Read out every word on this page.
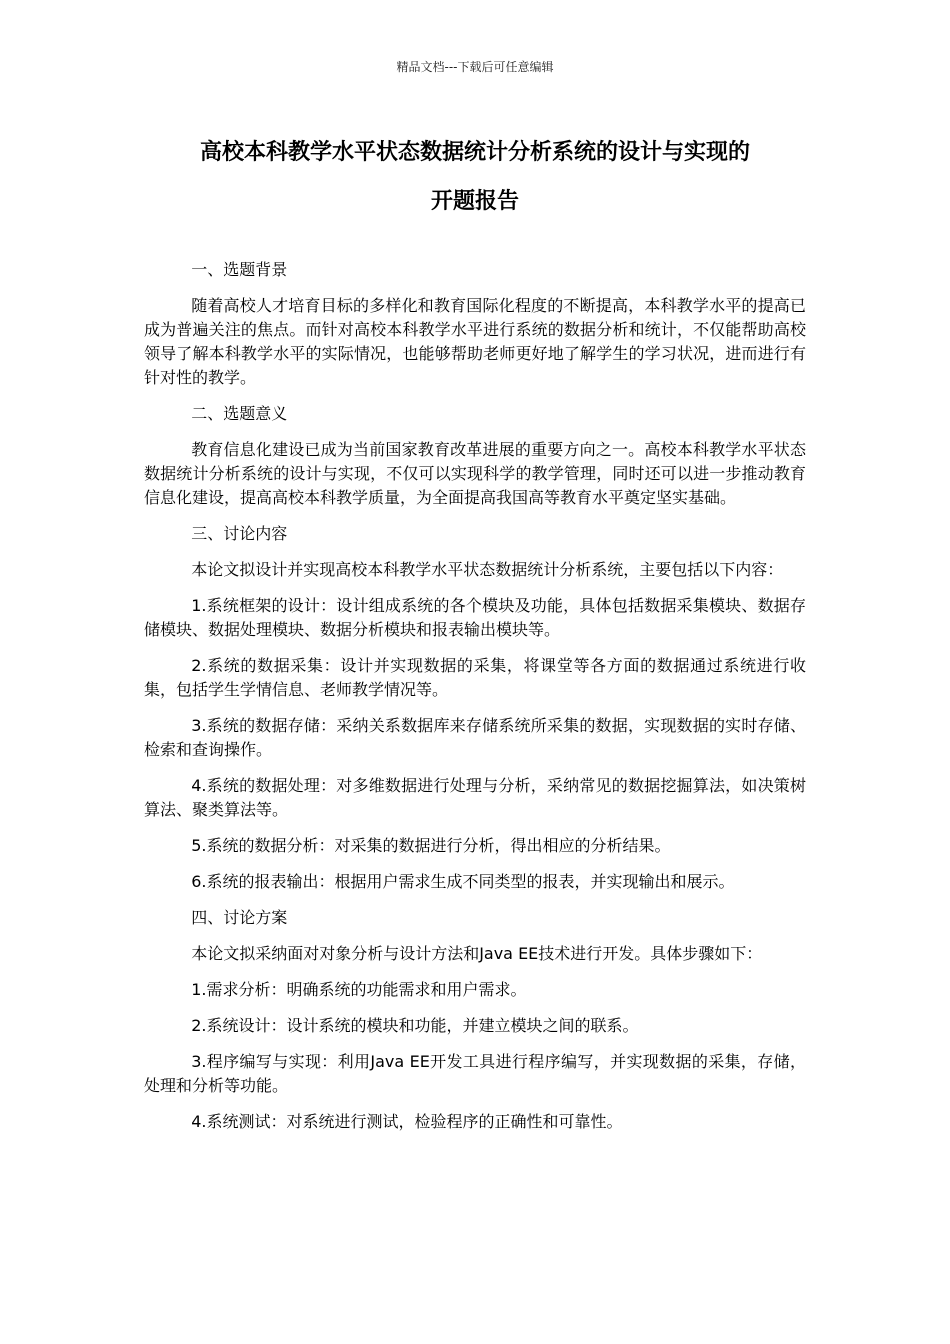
精品文档---下载后可任意编辑
高校本科教学水平状态数据统计分析系统的设计与实现的
开题报告

一、选题背景

随着高校人才培育目标的多样化和教育国际化程度的不断提高，本科教学水平的提高已成为普遍关注的焦点。而针对高校本科教学水平进行系统的数据分析和统计，不仅能帮助高校领导了解本科教学水平的实际情况，也能够帮助老师更好地了解学生的学习状况，进而进行有针对性的教学。

二、选题意义

教育信息化建设已成为当前国家教育改革进展的重要方向之一。高校本科教学水平状态数据统计分析系统的设计与实现，不仅可以实现科学的教学管理，同时还可以进一步推动教育信息化建设，提高高校本科教学质量，为全面提高我国高等教育水平奠定坚实基础。

三、讨论内容

本论文拟设计并实现高校本科教学水平状态数据统计分析系统，主要包括以下内容：

1.系统框架的设计：设计组成系统的各个模块及功能，具体包括数据采集模块、数据存储模块、数据处理模块、数据分析模块和报表输出模块等。

2.系统的数据采集：设计并实现数据的采集，将课堂等各方面的数据通过系统进行收集，包括学生学情信息、老师教学情况等。

3.系统的数据存储：采纳关系数据库来存储系统所采集的数据，实现数据的实时存储、检索和查询操作。

4.系统的数据处理：对多维数据进行处理与分析，采纳常见的数据挖掘算法，如决策树算法、聚类算法等。

5.系统的数据分析：对采集的数据进行分析，得出相应的分析结果。

6.系统的报表输出：根据用户需求生成不同类型的报表，并实现输出和展示。

四、讨论方案

本论文拟采纳面对对象分析与设计方法和Java EE技术进行开发。具体步骤如下：

1.需求分析：明确系统的功能需求和用户需求。

2.系统设计：设计系统的模块和功能，并建立模块之间的联系。

3.程序编写与实现：利用Java EE开发工具进行程序编写，并实现数据的采集，存储，处理和分析等功能。

4.系统测试：对系统进行测试，检验程序的正确性和可靠性。
